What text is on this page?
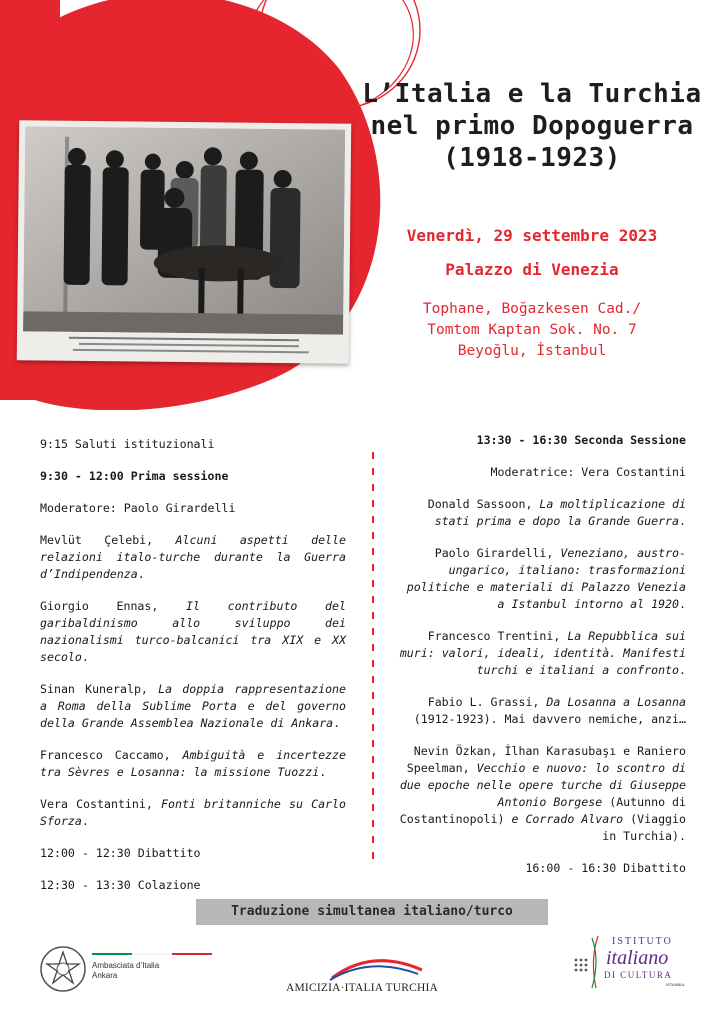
L’Italia e la Turchia
nel primo Dopoguerra
(1918-1923)
Venerdì, 29 settembre 2023
Palazzo di Venezia
Tophane, Boğazkesen Cad./
Tomtom Kaptan Sok. No. 7
Beyoğlu, İstanbul

9:15 Saluti istituzionali

9:30 - 12:00 Prima sessione

Moderatore: Paolo Girardelli

Mevlüt Çelebi, Alcuni aspetti delle relazioni italo-turche durante la Guerra d’Indipendenza.

Giorgio Ennas, Il contributo del garibaldinismo allo sviluppo dei nazionalismi turco-balcanici tra XIX e XX secolo.

Sinan Kuneralp, La doppia rappresentazione a Roma della Sublime Porta e del governo della Grande Assemblea Nazionale di Ankara.

Francesco Caccamo, Ambiguità e incertezze tra Sèvres e Losanna: la missione Tuozzi.

Vera Costantini, Fonti britanniche su Carlo Sforza.

12:00 - 12:30 Dibattito

12:30 - 13:30 Colazione

13:30 - 16:30 Seconda Sessione

Moderatrice: Vera Costantini

Donald Sassoon, La moltiplicazione di stati prima e dopo la Grande Guerra.

Paolo Girardelli, Veneziano, austro-ungarico, italiano: trasformazioni politiche e materiali di Palazzo Venezia a Istanbul intorno al 1920.

Francesco Trentini, La Repubblica sui muri: valori, ideali, identità. Manifesti turchi e italiani a confronto.

Fabio L. Grassi, Da Losanna a Losanna (1912-1923). Mai davvero nemiche, anzi…

Nevin Özkan, İlhan Karasubaşı e Raniero Speelman, Vecchio e nuovo: lo scontro di due epoche nelle opere turche di Giuseppe Antonio Borgese (Autunno di Costantinopoli) e Corrado Alvaro (Viaggio in Turchia).

16:00 - 16:30 Dibattito

Traduzione simultanea italiano/turco
Ambasciata d’Italia
Ankara
AMICIZIA·ITALIA TURCHIA
ISTITUTO
italiano
DI CULTURA
ISTANBUL
